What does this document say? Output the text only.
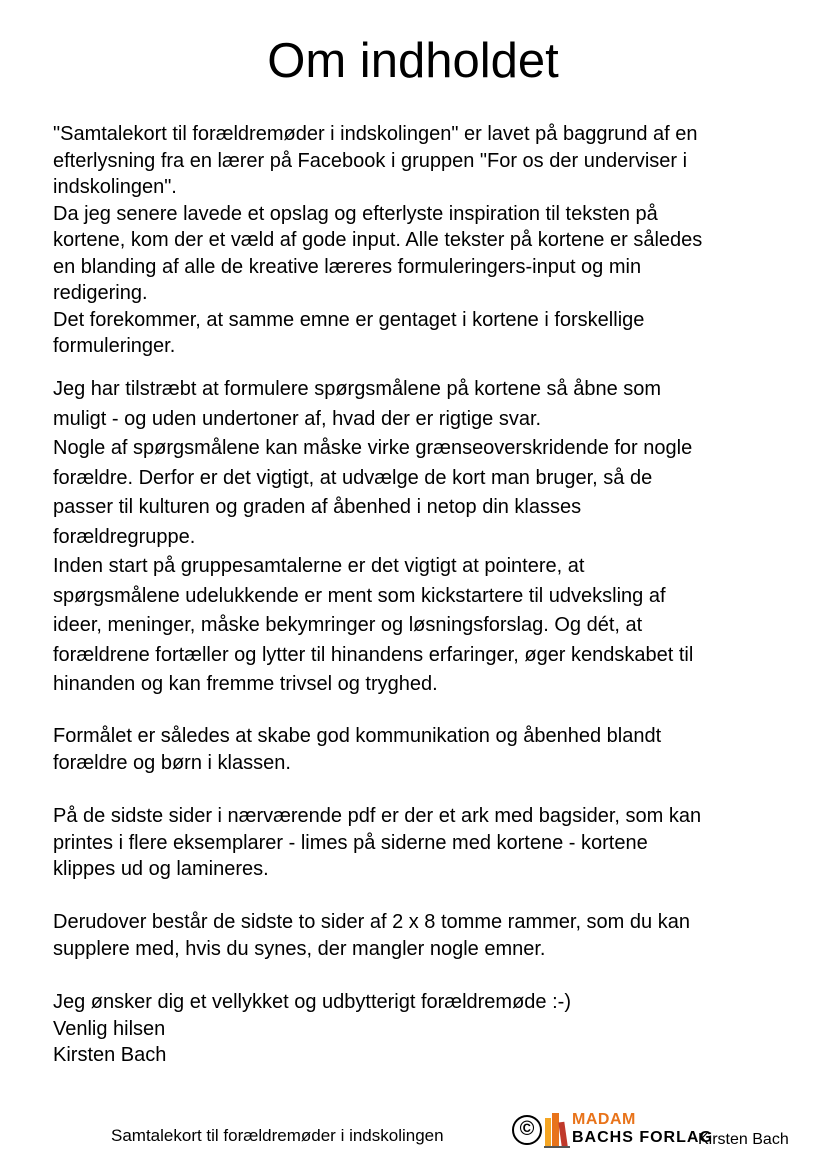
Om indholdet
"Samtalekort til forældremøder i indskolingen" er lavet på baggrund af en
efterlysning fra en lærer på Facebook i gruppen "For os der underviser i
indskolingen".
Da jeg senere lavede et opslag og efterlyste inspiration til teksten på
kortene, kom der et væld af gode input. Alle tekster på kortene er således
en blanding af alle de kreative læreres formuleringers-input og min
redigering.
Det forekommer, at samme emne er gentaget i kortene i forskellige
formuleringer.
Jeg har tilstræbt at formulere spørgsmålene på kortene så åbne som
muligt - og uden undertoner af, hvad der er rigtige svar.
Nogle af spørgsmålene kan måske virke grænseoverskridende for nogle
forældre. Derfor er det vigtigt, at udvælge de kort man bruger, så de
passer til kulturen og graden af åbenhed i netop din klasses
forældregruppe.
Inden start på gruppesamtalerne er det vigtigt at pointere, at
spørgsmålene udelukkende er ment som kickstartere til udveksling af
ideer, meninger, måske bekymringer og løsningsforslag. Og dét, at
forældrene fortæller og lytter til hinandens erfaringer, øger kendskabet til
hinanden og kan fremme trivsel og tryghed.
Formålet er således at skabe god kommunikation og åbenhed blandt
forældre og børn i klassen.
På de sidste sider i nærværende pdf er der et ark med bagsider, som kan
printes i flere eksemplarer - limes på siderne med kortene - kortene
klippes ud og lamineres.
Derudover består de sidste to sider af 2 x 8 tomme rammer, som du kan
supplere med, hvis du synes, der mangler nogle emner.
Jeg ønsker dig et vellykket og udbytterigt forældremøde :-)
Venlig hilsen
Kirsten Bach
Samtalekort til forældremøder i indskolingen	©	MADAM
BACHS FORLAG
Kirsten Bach
